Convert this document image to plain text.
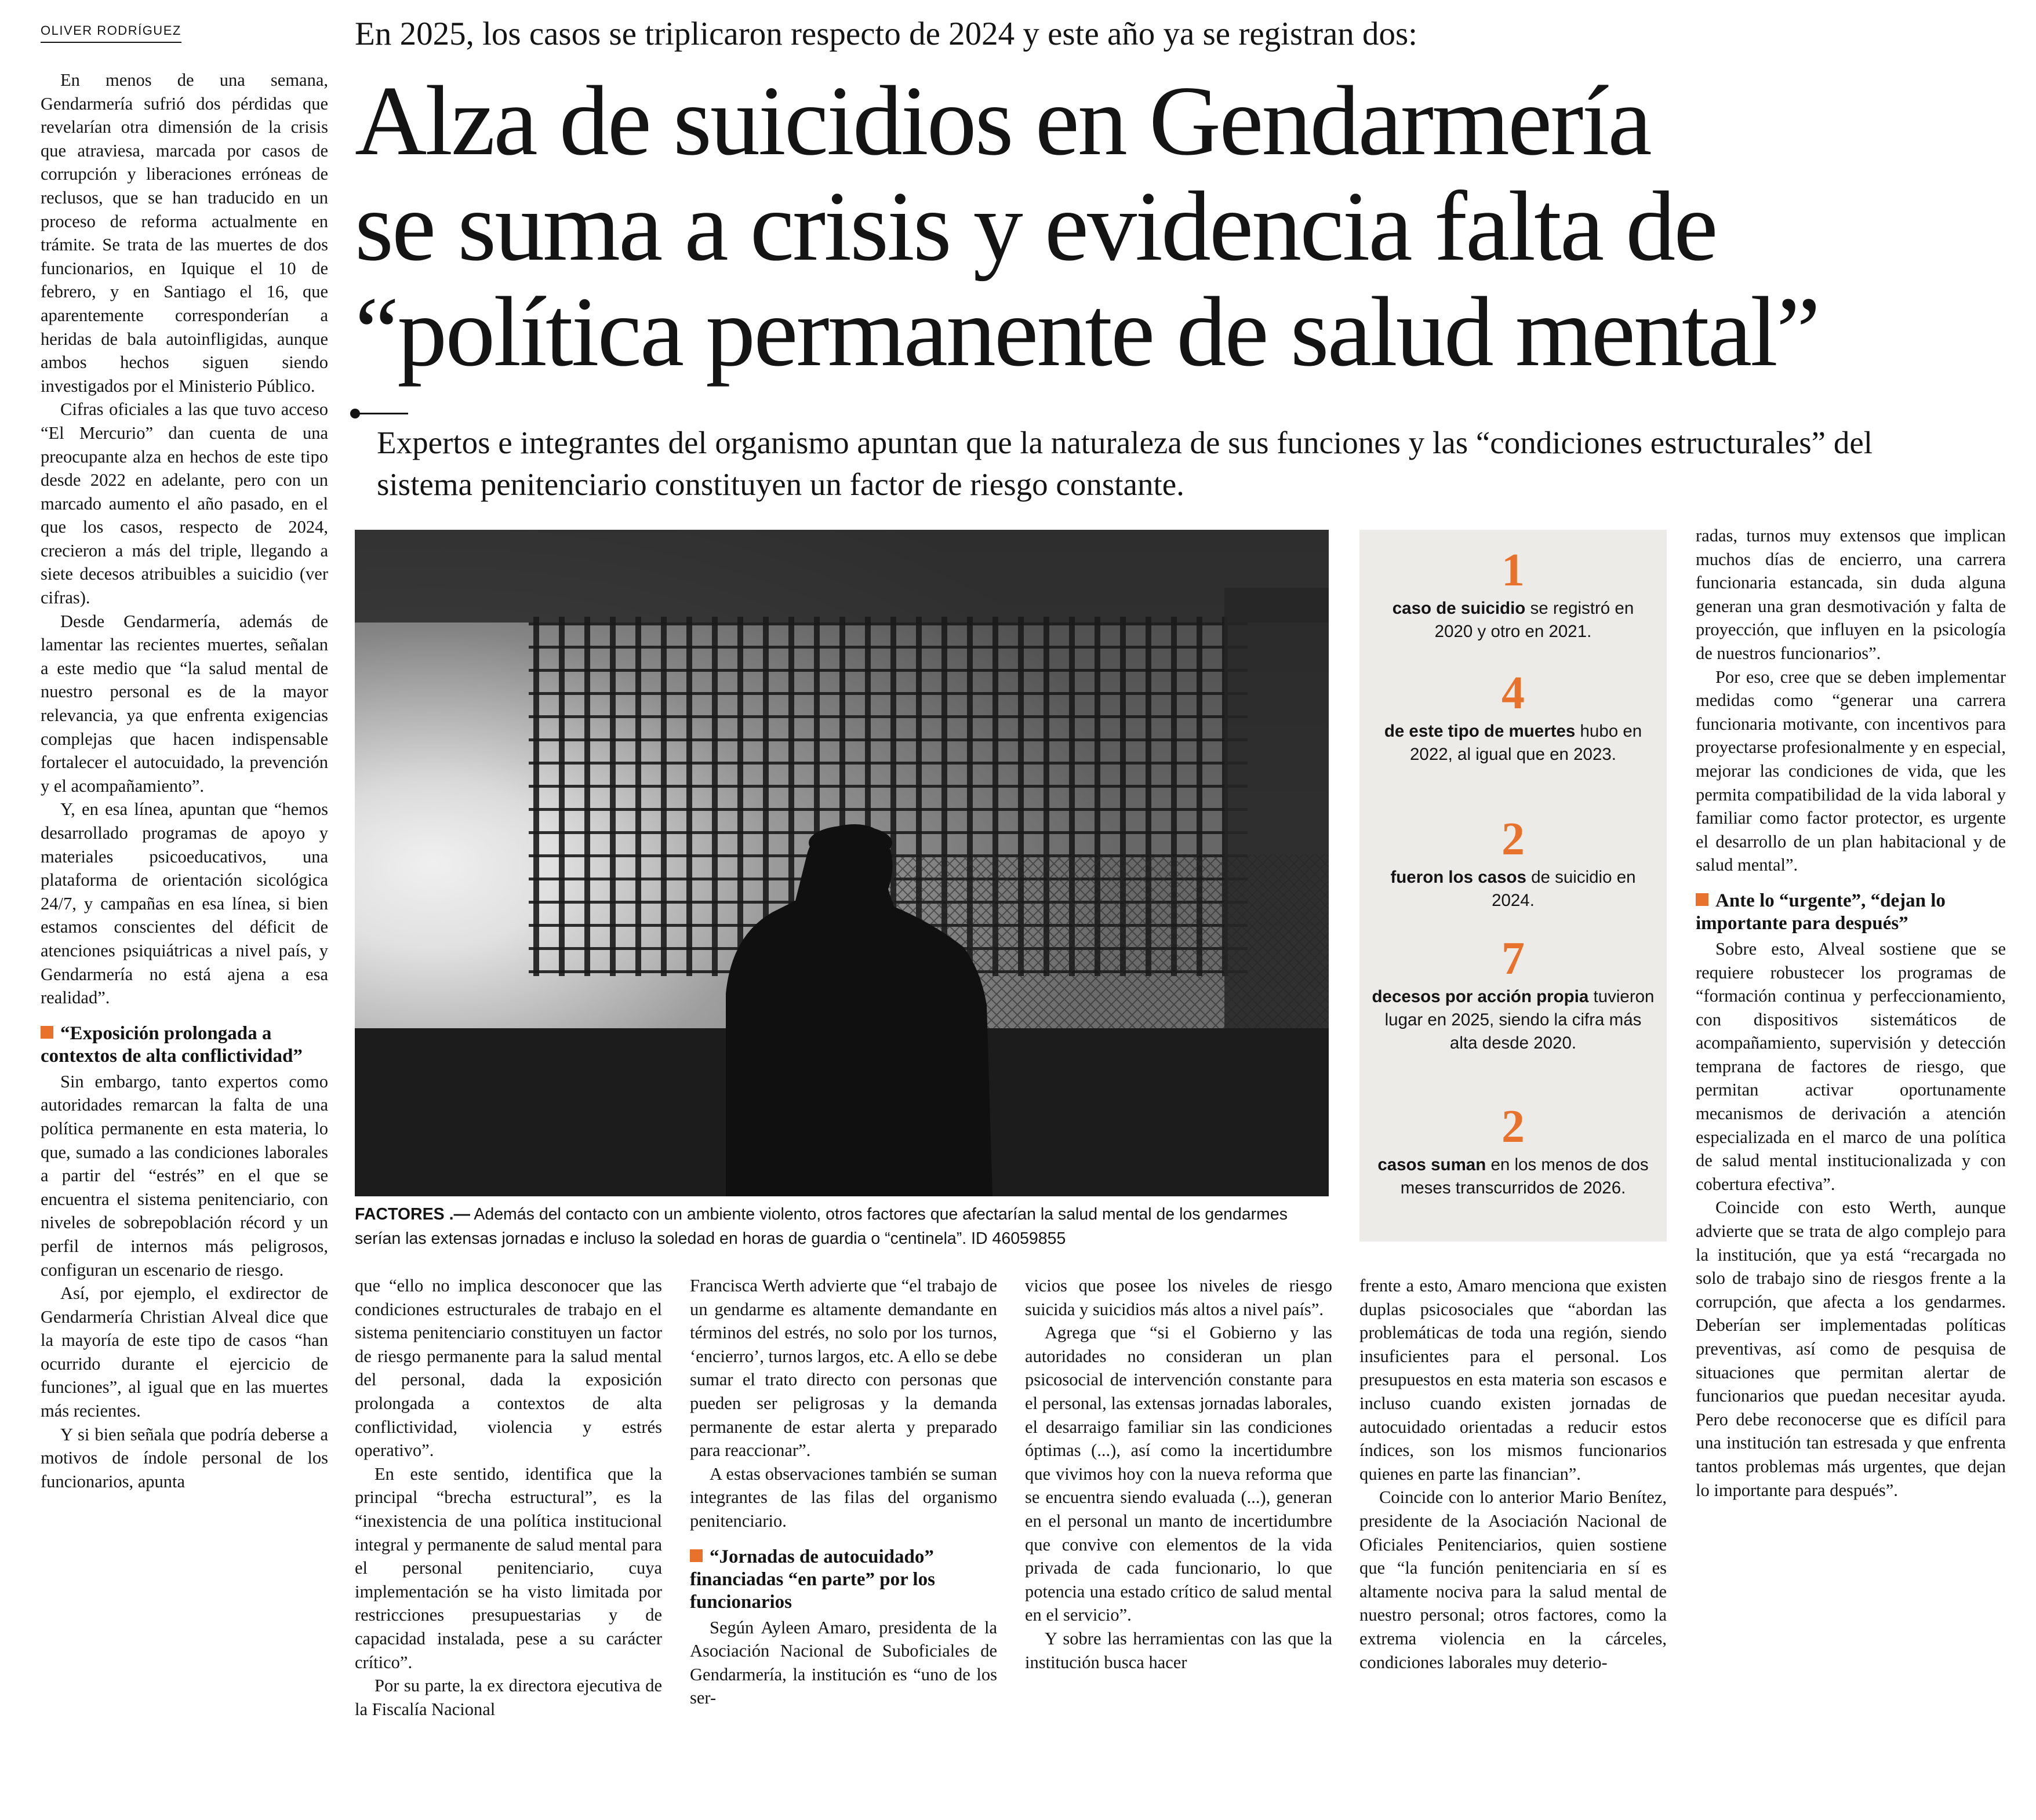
OLIVER RODRÍGUEZ	En 2025, los casos se triplicaron respecto de 2024 y este año ya se registran dos:
Alza de suicidios en Gendarmería
se suma a crisis y evidencia falta de
“política permanente de salud mental”
Expertos e integrantes del organismo apuntan que la naturaleza de sus funciones y las “condiciones estructurales” del sistema penitenciario constituyen un factor de riesgo constante.
FACTORES .— Además del contacto con un ambiente violento, otros factores que afectarían la salud mental de los gendarmes serían las extensas jornadas e incluso la soledad en horas de guardia o “centinela”. ID 46059855
1
caso de suicidio se registró en 2020 y otro en 2021.
4
de este tipo de muertes hubo en 2022, al igual que en 2023.
2
fueron los casos de suicidio en 2024.
7
decesos por acción propia tuvieron lugar en 2025, siendo la cifra más alta desde 2020.
2
casos suman en los menos de dos meses transcurridos de 2026.

En menos de una semana, Gendarmería sufrió dos pérdidas que revelarían otra dimensión de la crisis que atraviesa, marcada por casos de corrupción y liberaciones erróneas de reclusos, que se han traducido en un proceso de reforma actualmente en trámite. Se trata de las muertes de dos funcionarios, en Iquique el 10 de febrero, y en Santiago el 16, que aparentemente corresponderían a heridas de bala autoinfligidas, aunque ambos hechos siguen siendo investigados por el Ministerio Público.

Cifras oficiales a las que tuvo acceso “El Mercurio” dan cuenta de una preocupante alza en hechos de este tipo desde 2022 en adelante, pero con un marcado aumento el año pasado, en el que los casos, respecto de 2024, crecieron a más del triple, llegando a siete decesos atribuibles a suicidio (ver cifras).

Desde Gendarmería, además de lamentar las recientes muertes, señalan a este medio que “la salud mental de nuestro personal es de la mayor relevancia, ya que enfrenta exigencias complejas que hacen indispensable fortalecer el autocuidado, la prevención y el acompañamiento”.

Y, en esa línea, apuntan que “hemos desarrollado programas de apoyo y materiales psicoeducativos, una plataforma de orientación sicológica 24/7, y campañas en esa línea, si bien estamos conscientes del déficit de atenciones psiquiátricas a nivel país, y Gendarmería no está ajena a esa realidad”.

“Exposición prolongada a contextos de alta conflictividad”

Sin embargo, tanto expertos como autoridades remarcan la falta de una política permanente en esta materia, lo que, sumado a las condiciones laborales a partir del “estrés” en el que se encuentra el sistema penitenciario, con niveles de sobrepoblación récord y un perfil de internos más peligrosos, configuran un escenario de riesgo.

Así, por ejemplo, el exdirector de Gendarmería Christian Alveal dice que la mayoría de este tipo de casos “han ocurrido durante el ejercicio de funciones”, al igual que en las muertes más recientes.

Y si bien señala que podría deberse a motivos de índole personal de los funcionarios, apunta

que “ello no implica desconocer que las condiciones estructurales de trabajo en el sistema penitenciario constituyen un factor de riesgo permanente para la salud mental del personal, dada la exposición prolongada a contextos de alta conflictividad, violencia y estrés operativo”.

En este sentido, identifica que la principal “brecha estructural”, es la “inexistencia de una política institucional integral y permanente de salud mental para el personal penitenciario, cuya implementación se ha visto limitada por restricciones presupuestarias y de capacidad instalada, pese a su carácter crítico”.

Por su parte, la ex directora ejecutiva de la Fiscalía Nacional

Francisca Werth advierte que “el trabajo de un gendarme es altamente demandante en términos del estrés, no solo por los turnos, ‘encierro’, turnos largos, etc. A ello se debe sumar el trato directo con personas que pueden ser peligrosas y la demanda permanente de estar alerta y preparado para reaccionar”.

A estas observaciones también se suman integrantes de las filas del organismo penitenciario.

“Jornadas de autocuidado” financiadas “en parte” por los funcionarios

Según Ayleen Amaro, presidenta de la Asociación Nacional de Suboficiales de Gendarmería, la institución es “uno de los ser-

vicios que posee los niveles de riesgo suicida y suicidios más altos a nivel país”.

Agrega que “si el Gobierno y las autoridades no consideran un plan psicosocial de intervención constante para el personal, las extensas jornadas laborales, el desarraigo familiar sin las condiciones óptimas (...), así como la incertidumbre que vivimos hoy con la nueva reforma que se encuentra siendo evaluada (...), generan en el personal un manto de incertidumbre que convive con elementos de la vida privada de cada funcionario, lo que potencia una estado crítico de salud mental en el servicio”.

Y sobre las herramientas con las que la institución busca hacer

frente a esto, Amaro menciona que existen duplas psicosociales que “abordan las problemáticas de toda una región, siendo insuficientes para el personal. Los presupuestos en esta materia son escasos e incluso cuando existen jornadas de autocuidado orientadas a reducir estos índices, son los mismos funcionarios quienes en parte las financian”.

Coincide con lo anterior Mario Benítez, presidente de la Asociación Nacional de Oficiales Penitenciarios, quien sostiene que “la función penitenciaria en sí es altamente nociva para la salud mental de nuestro personal; otros factores, como la extrema violencia en la cárceles, condiciones laborales muy deterio-

radas, turnos muy extensos que implican muchos días de encierro, una carrera funcionaria estancada, sin duda alguna generan una gran desmotivación y falta de proyección, que influyen en la psicología de nuestros funcionarios”.

Por eso, cree que se deben implementar medidas como “generar una carrera funcionaria motivante, con incentivos para proyectarse profesionalmente y en especial, mejorar las condiciones de vida, que les permita compatibilidad de la vida laboral y familiar como factor protector, es urgente el desarrollo de un plan habitacional y de salud mental”.

Ante lo “urgente”, “dejan lo importante para después”

Sobre esto, Alveal sostiene que se requiere robustecer los programas de “formación continua y perfeccionamiento, con dispositivos sistemáticos de acompañamiento, supervisión y detección temprana de factores de riesgo, que permitan activar oportunamente mecanismos de derivación a atención especializada en el marco de una política de salud mental institucionalizada y con cobertura efectiva”.

Coincide con esto Werth, aunque advierte que se trata de algo complejo para la institución, que ya está “recargada no solo de trabajo sino de riesgos frente a la corrupción, que afecta a los gendarmes. Deberían ser implementadas políticas preventivas, así como de pesquisa de situaciones que permitan alertar de funcionarios que puedan necesitar ayuda. Pero debe reconocerse que es difícil para una institución tan estresada y que enfrenta tantos problemas más urgentes, que dejan lo importante para después”.
